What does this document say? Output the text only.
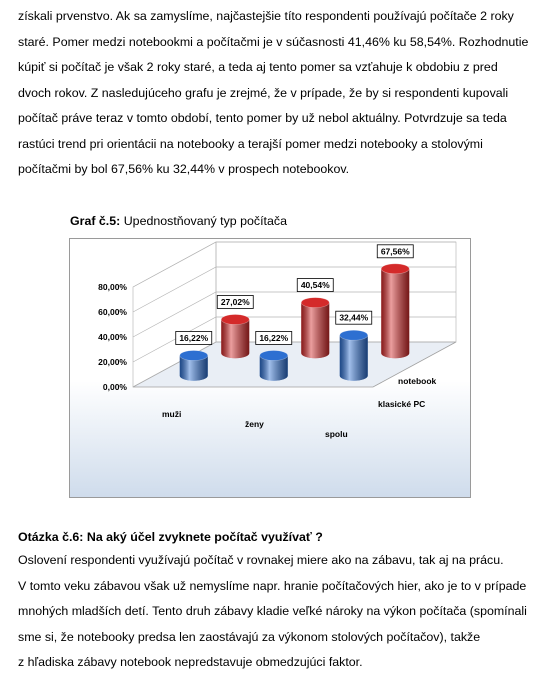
získali prvenstvo. Ak sa zamyslíme, najčastejšie títo respondenti používajú počítače 2 roky
staré. Pomer medzi notebookmi a počítačmi je v súčasnosti 41,46% ku 58,54%. Rozhodnutie
kúpiť si počítač je však 2 roky staré, a teda aj tento pomer sa vzťahuje k obdobiu z pred
dvoch rokov. Z nasledujúceho grafu je zrejmé, že v prípade, že by si respondenti kupovali
počítač práve teraz v tomto období, tento pomer by už nebol aktuálny. Potvrdzuje sa teda
rastúci trend pri orientácii na notebooky a terajší pomer medzi notebooky a stolovými
počítačmi by bol 67,56% ku 32,44% v prospech notebookov.
Graf č.5: Upednostňovaný typ počítača
0,00%
20,00%
40,00%
60,00%
80,00%
27,02%
40,54%
67,56%
16,22%	16,22%
32,44%
muži
ženy
spolu
klasické PC
notebook
Otázka č.6: Na aký účel zvyknete počítač využívať ?
Oslovení respondenti využívajú počítač v rovnakej miere ako na zábavu, tak aj na prácu.
V tomto veku zábavou však už nemyslíme napr. hranie počítačových hier, ako je to v prípade
mnohých mladších detí. Tento druh zábavy kladie veľké nároky na výkon počítača (spomínali
sme si, že notebooky predsa len zaostávajú za výkonom stolových počítačov), takže
z hľadiska zábavy notebook nepredstavuje obmedzujúci faktor.
